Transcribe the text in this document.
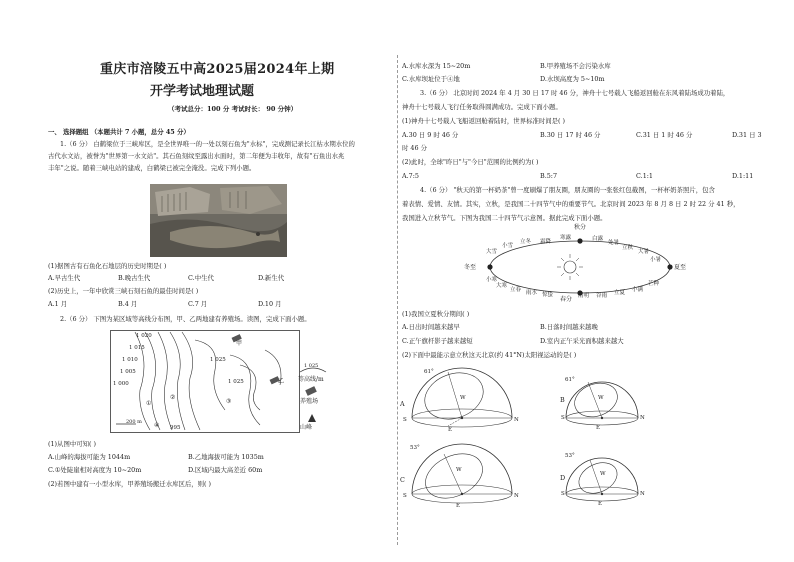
重庆市涪陵五中高2025届2024年上期
开学考试地理试题
（考试总分：100 分 考试时长： 90 分钟）
一、 选择题组 （本题共计 7 小题，总分 45 分）
1.（6 分） 白鹤梁位于三峡库区，是全世界唯一的一处以刻石鱼为"水标"，完成测记录长江枯水期水位的
古代水文站，被誉为"世界第一水文站"。其石鱼刻纹至露出水面时，第二年便为丰收年，故有"石鱼出水兆
丰年"之说。随着三峡电站的建成，白鹤梁已被完全淹没。完成下列小题。
(1)据图古有石鱼化石地层的历史时期是( )
A.早古生代	B.晚古生代	C.中生代	D.新生代
(2)历史上，一年中欣赏三峡石刻石鱼的最佳时间是( )
A.1 月	B.4 月	C.7 月	D.10 月
2.（6 分） 下图为某区域等高线分布图，甲、乙两地建有养殖场。读图，完成下面小题。
1 020
1 015
1 010
1 005
1 000
1 025
1 025
995
甲
乙
①
②
③
④
200 m
1 025
等高线/m
养殖场
山峰
(1)从图中可知( )
A.山峰的海拔可能为 1044m	B.乙地海拔可能为 1035m
C.①处陡崖相对高度为 10~20m	D.区域内最大高差近 60m
(2)若图中建有一小型水库，甲养殖场搬迁水库区后，则( )
A.水库水深为 15~20m	B.甲养殖场不会污染水库
C.水库坝址位于④地	D.水坝高度为 5~10m
3.（6 分） 北京时间 2024 年 4 月 30 日 17 时 46 分，神舟十七号载人飞船返回舱在东风着陆场成功着陆，
神舟十七号载人飞行任务取得圆满成功。完成下面小题。
(1)神舟十七号载人飞船返回舱着陆时，世界标准时间是( )
A.30 日 9 时 46 分	B.30 日 17 时 46 分	C.31 日 1 时 46 分	D.31 日 3
时 46 分
(2)此时，全球"昨日"与"今日"范围的比例约为( )
A.7:5	B.5:7	C.1:1	D.1:11
4.（6 分） "秋天的第一杯奶茶"曾一度刷爆了朋友圈，朋友圈的一张张红包截图，一杯杯奶茶照片，包含
着表情、爱情、友情。其实，立秋，是我国二十四节气中的重要节气。北京时间 2023 年 8 月 8 日 2 时 22 分 41 秒，
我国进入立秋节气。下图为我国二十四节气示意图。据此完成下面小题。
霜降
寒露
秋分
白露
处暑
立秋
大暑
小暑
夏至
芒种
小满
立夏
谷雨
清明
春分
惊蛰
雨水
立春
大寒
小寒
冬至
大雪
小雪
立冬
(1)我国立夏秋分期间( )
A.日出时间越来越早	B.日落时间越来越晚
C.正午旗杆影子越来越短	D.室内正午采光面积越来越大
(2)下面中最能示意立秋这天北京(约 41°N)太阳视运动的是( )
61°
A
S	N
E
W
61°
B
S	N
E
W
53°
C
S	N
E
W
53°
D
S	N
E
W
